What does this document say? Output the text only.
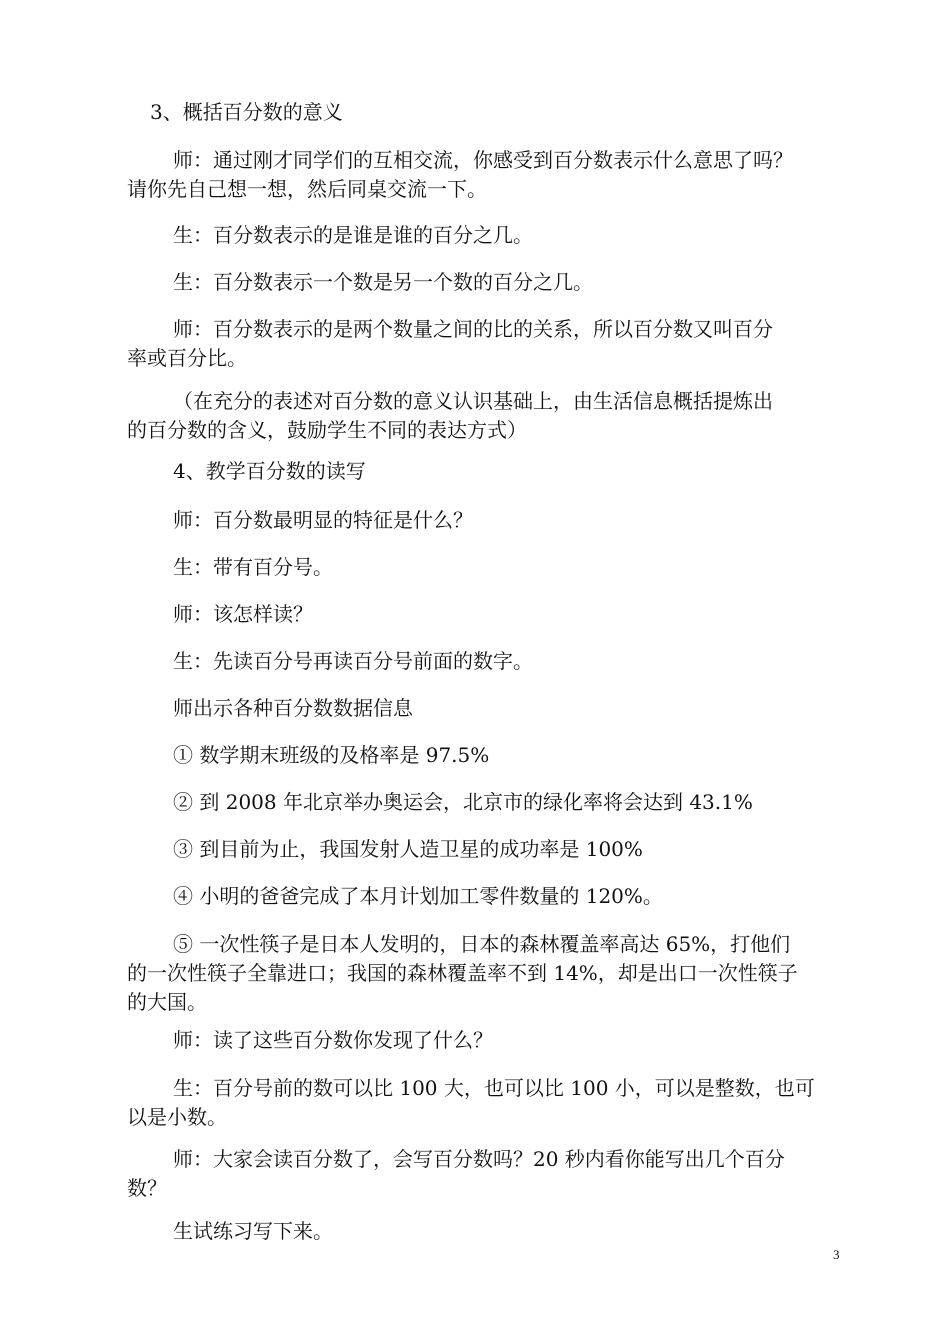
3、概括百分数的意义

师：通过刚才同学们的互相交流，你感受到百分数表示什么意思了吗？
请你先自己想一想，然后同桌交流一下。

生：百分数表示的是谁是谁的百分之几。

生：百分数表示一个数是另一个数的百分之几。

师：百分数表示的是两个数量之间的比的关系，所以百分数又叫百分
率或百分比。

（在充分的表述对百分数的意义认识基础上，由生活信息概括提炼出
的百分数的含义，鼓励学生不同的表达方式）

4、教学百分数的读写

师：百分数最明显的特征是什么？

生：带有百分号。

师：该怎样读？

生：先读百分号再读百分号前面的数字。

师出示各种百分数数据信息

① 数学期末班级的及格率是 97.5%

② 到 2008 年北京举办奥运会，北京市的绿化率将会达到 43.1%

③ 到目前为止，我国发射人造卫星的成功率是 100%

④ 小明的爸爸完成了本月计划加工零件数量的 120%。

⑤ 一次性筷子是日本人发明的，日本的森林覆盖率高达 65%，打他们
的一次性筷子全靠进口；我国的森林覆盖率不到 14%，却是出口一次性筷子
的大国。

师：读了这些百分数你发现了什么？

生：百分号前的数可以比 100 大，也可以比 100 小，可以是整数，也可
以是小数。

师：大家会读百分数了，会写百分数吗？20 秒内看你能写出几个百分
数？

生试练习写下来。

3
